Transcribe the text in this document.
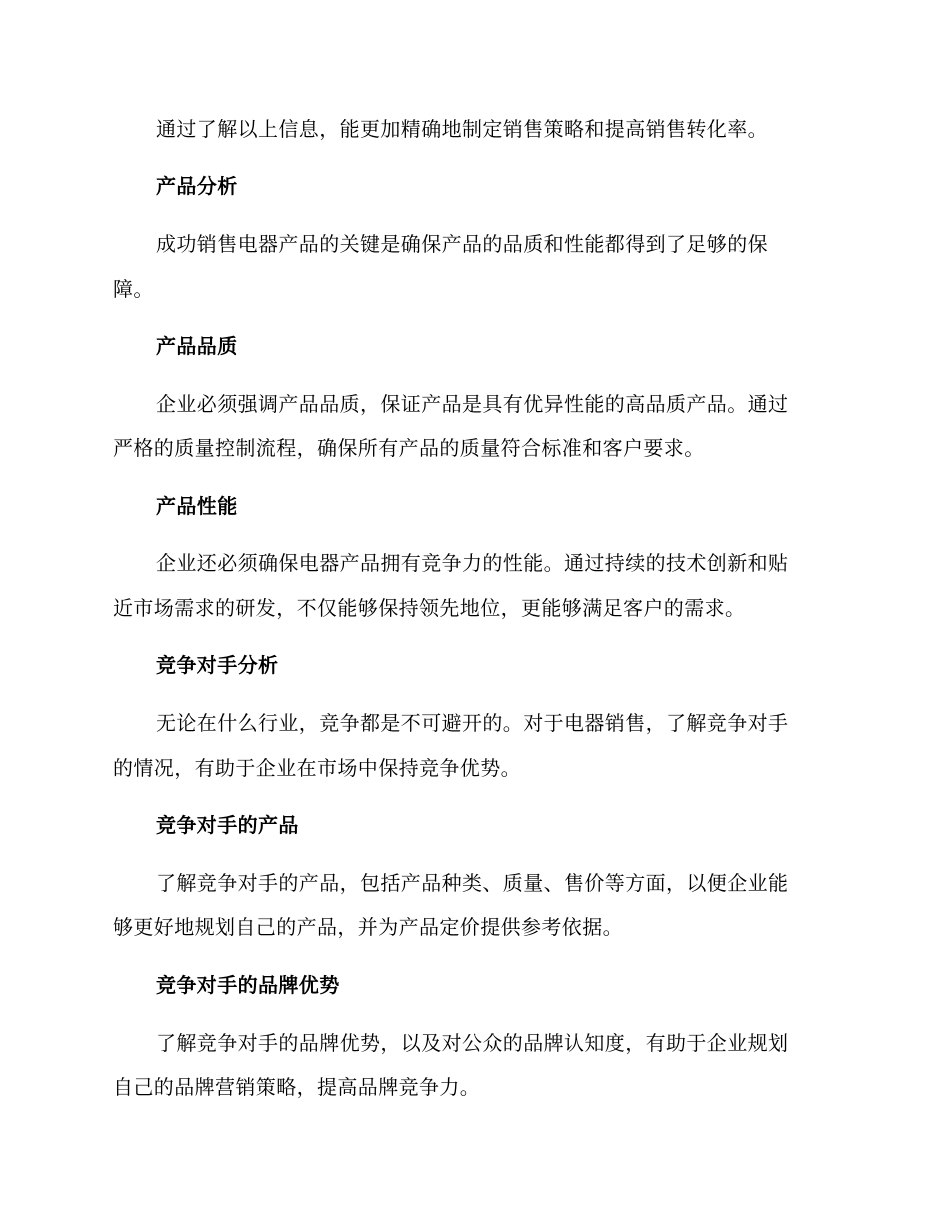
通过了解以上信息，能更加精确地制定销售策略和提高销售转化率。
产品分析
成功销售电器产品的关键是确保产品的品质和性能都得到了足够的保
障。
产品品质
企业必须强调产品品质，保证产品是具有优异性能的高品质产品。通过
严格的质量控制流程，确保所有产品的质量符合标准和客户要求。
产品性能
企业还必须确保电器产品拥有竞争力的性能。通过持续的技术创新和贴
近市场需求的研发，不仅能够保持领先地位，更能够满足客户的需求。
竞争对手分析
无论在什么行业，竞争都是不可避开的。对于电器销售，了解竞争对手
的情况，有助于企业在市场中保持竞争优势。
竞争对手的产品
了解竞争对手的产品，包括产品种类、质量、售价等方面，以便企业能
够更好地规划自己的产品，并为产品定价提供参考依据。
竞争对手的品牌优势
了解竞争对手的品牌优势，以及对公众的品牌认知度，有助于企业规划
自己的品牌营销策略，提高品牌竞争力。
